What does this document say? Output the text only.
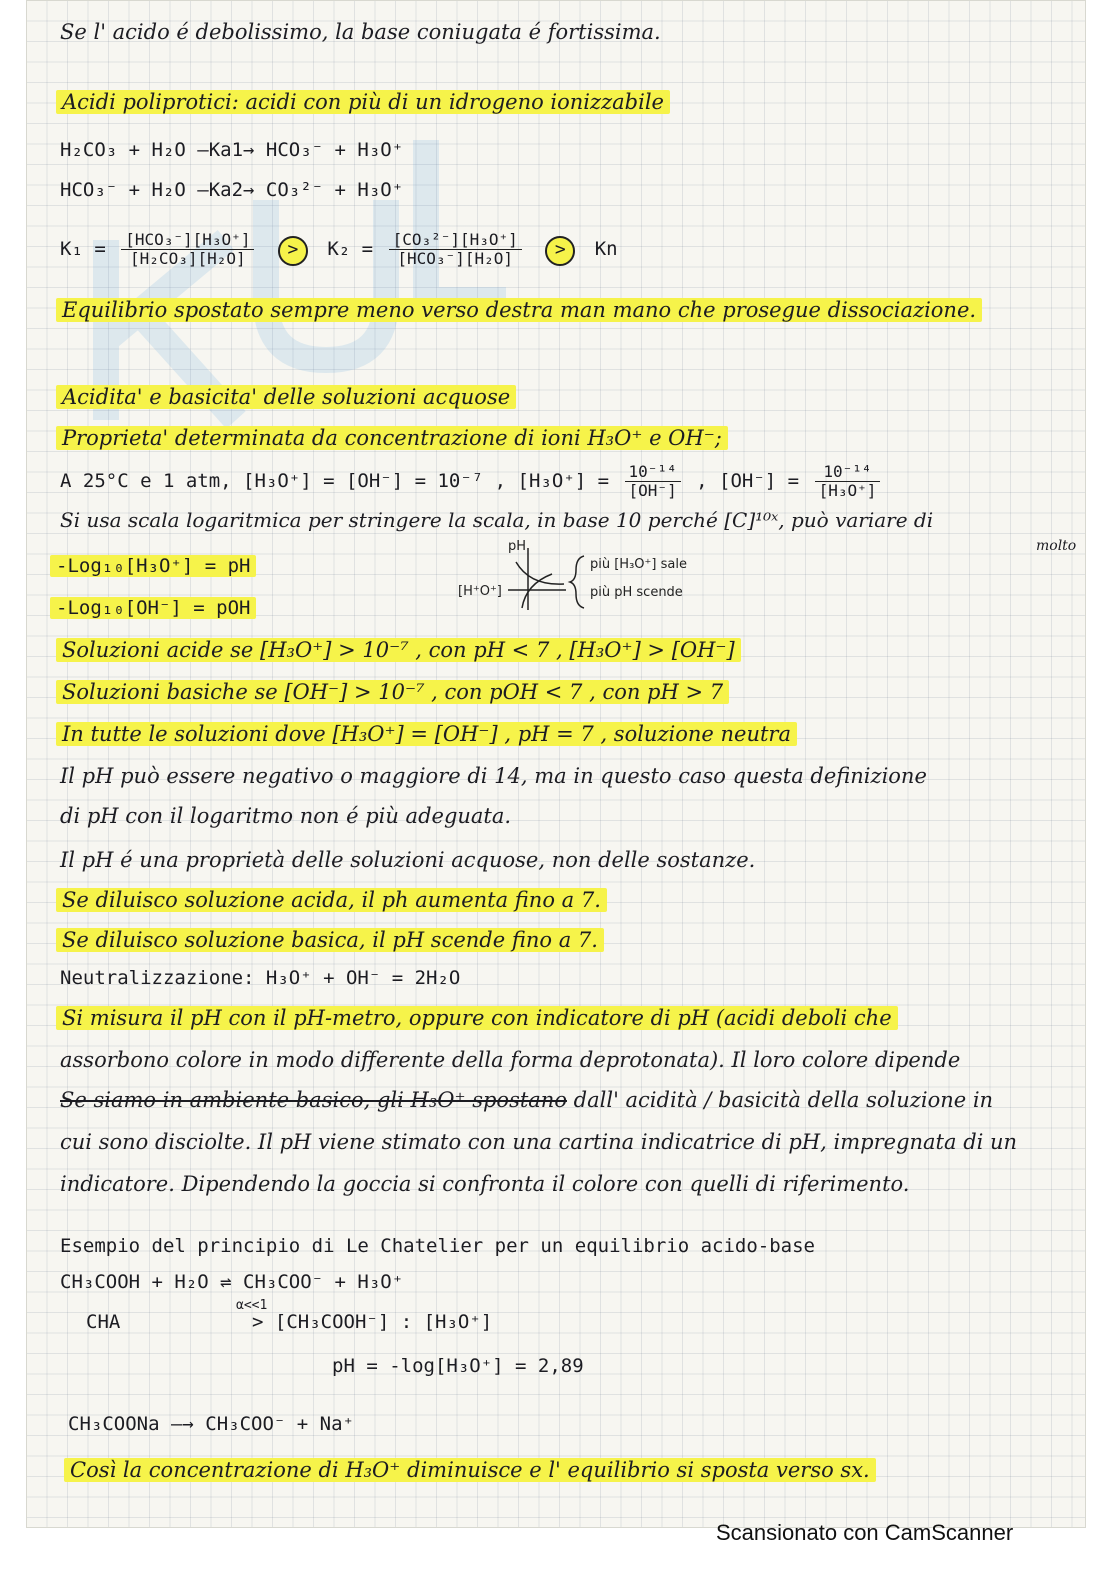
Se l' acido é debolissimo, la base coniugata é fortissima.
Acidi poliprotici: acidi con più di un idrogeno ionizzabile
H₂CO₃ + H₂O —Ka1→ HCO₃⁻ + H₃O⁺
HCO₃⁻ + H₂O —Ka2→ CO₃²⁻ + H₃O⁺
$K_1 = \frac{\text{[HCO₃⁻][H₃O⁺]}}{\text{[H₂CO₃][H₂O]}} > K_2 = \frac{\text{[CO₃²⁻][H₃O⁺]}}{\text{[HCO₃⁻][H₂O]}} > Kn$
Equilibrio spostato sempre meno verso destra man mano che prosegue dissociazione.
Acidita' e basicita' delle soluzioni acquose
Proprieta' determinata da concentrazione di ioni H₃O⁺ e OH⁻;
A 25°C e 1 atm, [H₃O⁺] = [OH⁻] = 10⁻⁷ , $[H_3O^+] = \frac{\text{10⁻¹⁴}}{[OH^-]}$ , $[OH^-] = \frac{\text{10⁻¹⁴}}{\text{[H₃O⁺]}}$
Si usa scala logaritmica per stringere la scala, in base 10 perché [C]¹⁰ˣ, può variare di
molto
-Log₁₀[H₃O⁺] = pH
-Log₁₀[OH⁻] = pOH
pH
[H⁺O⁺]
più [H₃O⁺] sale
più pH scende
Soluzioni acide se [H₃O⁺] > 10⁻⁷ , con pH < 7 , [H₃O⁺] > [OH⁻]
Soluzioni basiche se [OH⁻] > 10⁻⁷ , con pOH < 7 , con pH > 7
In tutte le soluzioni dove [H₃O⁺] = [OH⁻] , pH = 7 , soluzione neutra
Il pH può essere negativo o maggiore di 14, ma in questo caso questa definizione
di pH con il logaritmo non é più adeguata.
Il pH é una proprietà delle soluzioni acquose, non delle sostanze.
Se diluisco soluzione acida, il ph aumenta fino a 7.
Se diluisco soluzione basica, il pH scende fino a 7.
Neutralizzazione: H₃O⁺ + OH⁻ = 2H₂O
Si misura il pH con il pH-metro, oppure con indicatore di pH (acidi deboli che
assorbono colore in modo differente della forma deprotonata). Il loro colore dipende
Se siamo in ambiente basico, gli H₃O⁺ spostano dall' acidità / basicità della soluzione in
cui sono disciolte. Il pH viene stimato con una cartina indicatrice di pH, impregnata di un
indicatore. Dipendendo la goccia si confronta il colore con quelli di riferimento.
Esempio del principio di Le Chatelier per un equilibrio acido-base
CH₃COOH + H₂O ⇌ CH₃COO⁻ + H₃O⁺
α<<1
CHA	> [CH₃COOH⁻] : [H₃O⁺]
pH = -log[H₃O⁺] = 2,89
CH₃COONa —→ CH₃COO⁻ + Na⁺
Così la concentrazione di H₃O⁺ diminuisce e l' equilibrio si sposta verso sx.
Scansionato con CamScanner
